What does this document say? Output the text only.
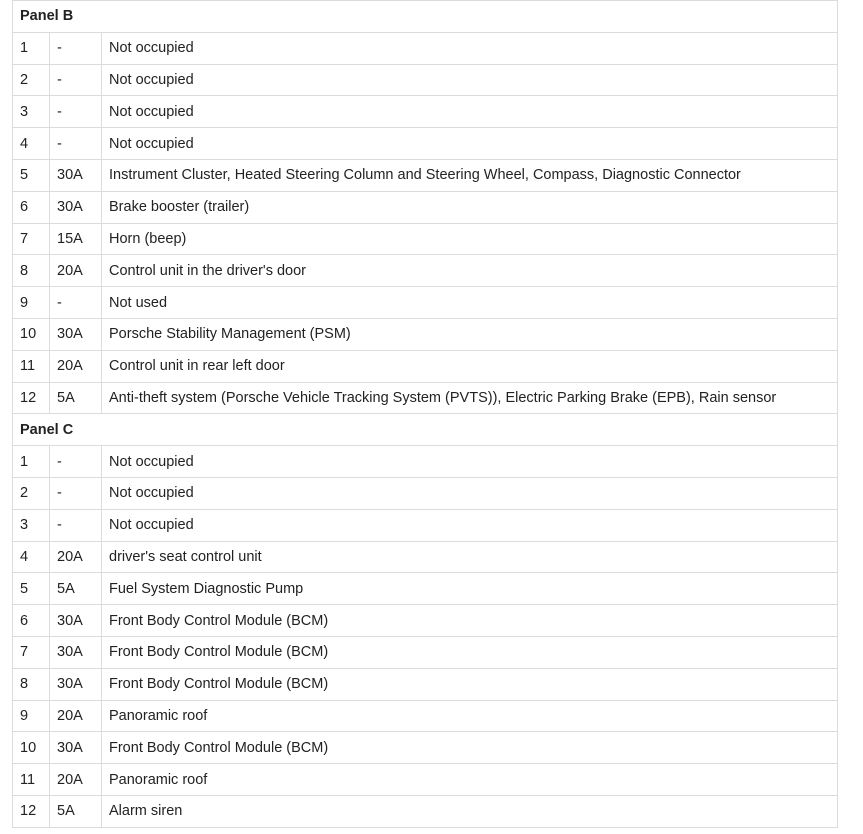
Panel B		
1	-	Not occupied
2	-	Not occupied
3	-	Not occupied
4	-	Not occupied
5	30A	Instrument Cluster, Heated Steering Column and Steering Wheel, Compass, Diagnostic Connector
6	30A	Brake booster (trailer)
7	15A	Horn (beep)
8	20A	Control unit in the driver's door
9	-	Not used
10	30A	Porsche Stability Management (PSM)
11	20A	Control unit in rear left door
12	5A	Anti-theft system (Porsche Vehicle Tracking System (PVTS)), Electric Parking Brake (EPB), Rain sensor
Panel C		
1	-	Not occupied
2	-	Not occupied
3	-	Not occupied
4	20A	driver's seat control unit
5	5A	Fuel System Diagnostic Pump
6	30A	Front Body Control Module (BCM)
7	30A	Front Body Control Module (BCM)
8	30A	Front Body Control Module (BCM)
9	20A	Panoramic roof
10	30A	Front Body Control Module (BCM)
11	20A	Panoramic roof
12	5A	Alarm siren
